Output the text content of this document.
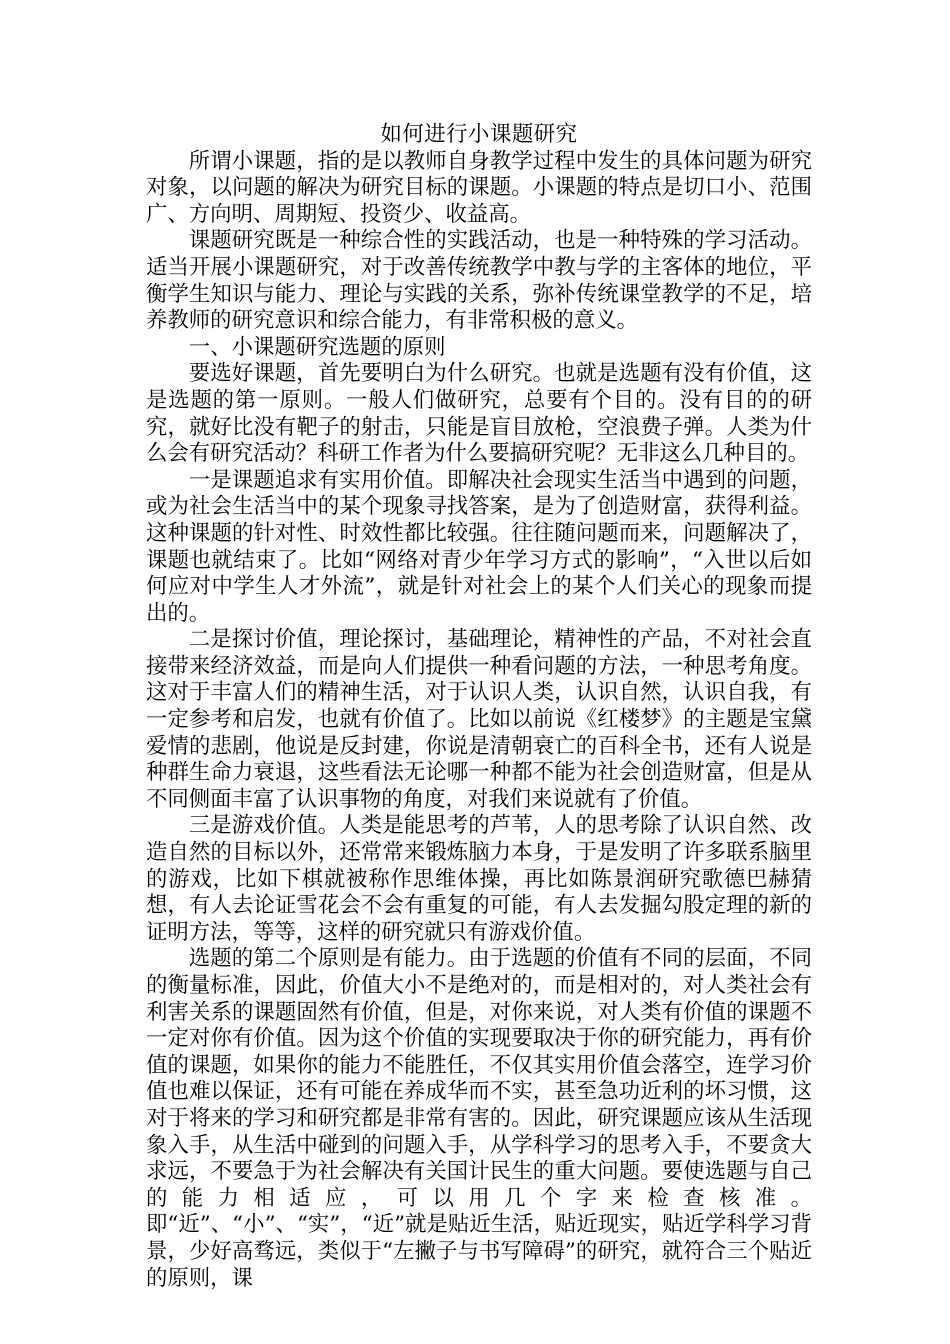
如何进行小课题研究

所谓小课题，指的是以教师自身教学过程中发生的具体问题为研究对象，以问题的解决为研究目标的课题。小课题的特点是切口小、范围广、方向明、周期短、投资少、收益高。

课题研究既是一种综合性的实践活动，也是一种特殊的学习活动。适当开展小课题研究，对于改善传统教学中教与学的主客体的地位，平衡学生知识与能力、理论与实践的关系，弥补传统课堂教学的不足，培养教师的研究意识和综合能力，有非常积极的意义。

一、小课题研究选题的原则

要选好课题，首先要明白为什么研究。也就是选题有没有价值，这是选题的第一原则。一般人们做研究，总要有个目的。没有目的的研究，就好比没有靶子的射击，只能是盲目放枪，空浪费子弹。人类为什么会有研究活动？科研工作者为什么要搞研究呢？无非这么几种目的。

一是课题追求有实用价值。即解决社会现实生活当中遇到的问题，或为社会生活当中的某个现象寻找答案，是为了创造财富，获得利益。这种课题的针对性、时效性都比较强。往往随问题而来，问题解决了，课题也就结束了。比如“网络对青少年学习方式的影响”，“入世以后如何应对中学生人才外流”，就是针对社会上的某个人们关心的现象而提出的。

二是探讨价值，理论探讨，基础理论，精神性的产品，不对社会直接带来经济效益，而是向人们提供一种看问题的方法，一种思考角度。这对于丰富人们的精神生活，对于认识人类，认识自然，认识自我，有一定参考和启发，也就有价值了。比如以前说《红楼梦》的主题是宝黛爱情的悲剧，他说是反封建，你说是清朝衰亡的百科全书，还有人说是种群生命力衰退，这些看法无论哪一种都不能为社会创造财富，但是从不同侧面丰富了认识事物的角度，对我们来说就有了价值。

三是游戏价值。人类是能思考的芦苇，人的思考除了认识自然、改造自然的目标以外，还常常来锻炼脑力本身，于是发明了许多联系脑里的游戏，比如下棋就被称作思维体操，再比如陈景润研究歌德巴赫猜想，有人去论证雪花会不会有重复的可能，有人去发掘勾股定理的新的证明方法，等等，这样的研究就只有游戏价值。

选题的第二个原则是有能力。由于选题的价值有不同的层面，不同的衡量标准，因此，价值大小不是绝对的，而是相对的，对人类社会有利害关系的课题固然有价值，但是，对你来说，对人类有价值的课题不一定对你有价值。因为这个价值的实现要取决于你的研究能力，再有价值的课题，如果你的能力不能胜任，不仅其实用价值会落空，连学习价值也难以保证，还有可能在养成华而不实，甚至急功近利的坏习惯，这对于将来的学习和研究都是非常有害的。因此，研究课题应该从生活现象入手，从生活中碰到的问题入手，从学科学习的思考入手，不要贪大求远，不要急于为社会解决有关国计民生的重大问题。要使选题与自己的能力相适应，可以用几个字来检查核准。即“近”、“小”、“实”，“近”就是贴近生活，贴近现实，贴近学科学习背景，少好高骛远，类似于“左撇子与书写障碍”的研究，就符合三个贴近的原则，课
